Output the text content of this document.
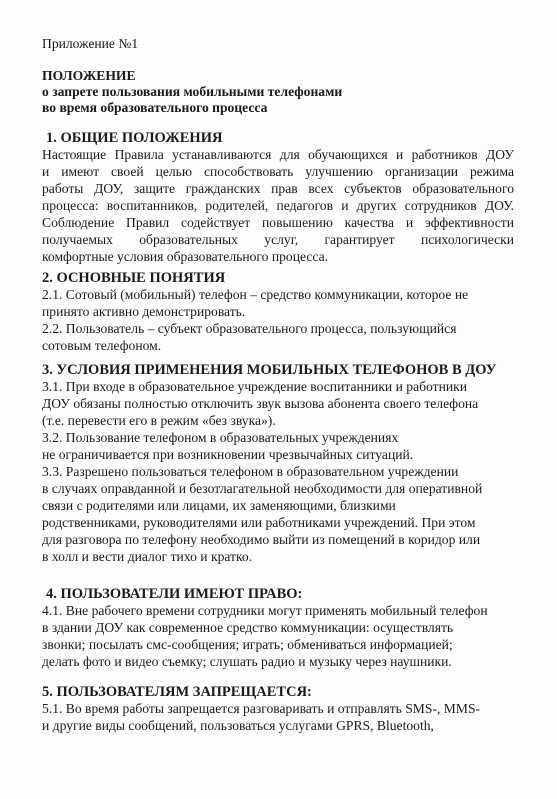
Приложение №1
ПОЛОЖЕНИЕ
о запрете пользования мобильными телефонами
во время образовательного процесса
1. ОБЩИЕ ПОЛОЖЕНИЯ
Настоящие Правила устанавливаются для обучающихся и работников ДОУ
и имеют своей целью способствовать улучшению организации режима
работы ДОУ, защите гражданских прав всех субъектов образовательного
процесса: воспитанников, родителей, педагогов и других сотрудников ДОУ.
Соблюдение Правил содействует повышению качества и эффективности
получаемых образовательных услуг, гарантирует психологически
комфортные условия образовательного процесса.
2. ОСНОВНЫЕ ПОНЯТИЯ
2.1. Сотовый (мобильный) телефон – средство коммуникации, которое не
принято активно демонстрировать.
2.2. Пользователь – субъект образовательного процесса, пользующийся
сотовым телефоном.
3. УСЛОВИЯ ПРИМЕНЕНИЯ МОБИЛЬНЫХ ТЕЛЕФОНОВ В ДОУ
3.1. При входе в образовательное учреждение воспитанники и работники
ДОУ обязаны полностью отключить звук вызова абонента своего телефона
(т.е. перевести его в режим «без звука»).
3.2. Пользование телефоном в образовательных учреждениях
не ограничивается при возникновении чрезвычайных ситуаций.
3.3. Разрешено пользоваться телефоном в образовательном учреждении
в случаях оправданной и безотлагательной необходимости для оперативной
связи с родителями или лицами, их заменяющими, близкими
родственниками, руководителями или работниками учреждений. При этом
для разговора по телефону необходимо выйти из помещений в коридор или
в холл и вести диалог тихо и кратко.
4. ПОЛЬЗОВАТЕЛИ ИМЕЮТ ПРАВО:
4.1. Вне рабочего времени сотрудники могут применять мобильный телефон
в здании ДОУ как современное средство коммуникации: осуществлять
звонки; посылать смс-сообщения; играть; обмениваться информацией;
делать фото и видео съемку; слушать радио и музыку через наушники.
5. ПОЛЬЗОВАТЕЛЯМ ЗАПРЕЩАЕТСЯ:
5.1. Во время работы запрещается разговаривать и отправлять SMS-, MMS-
и другие виды сообщений, пользоваться услугами GPRS, Bluetooth,
